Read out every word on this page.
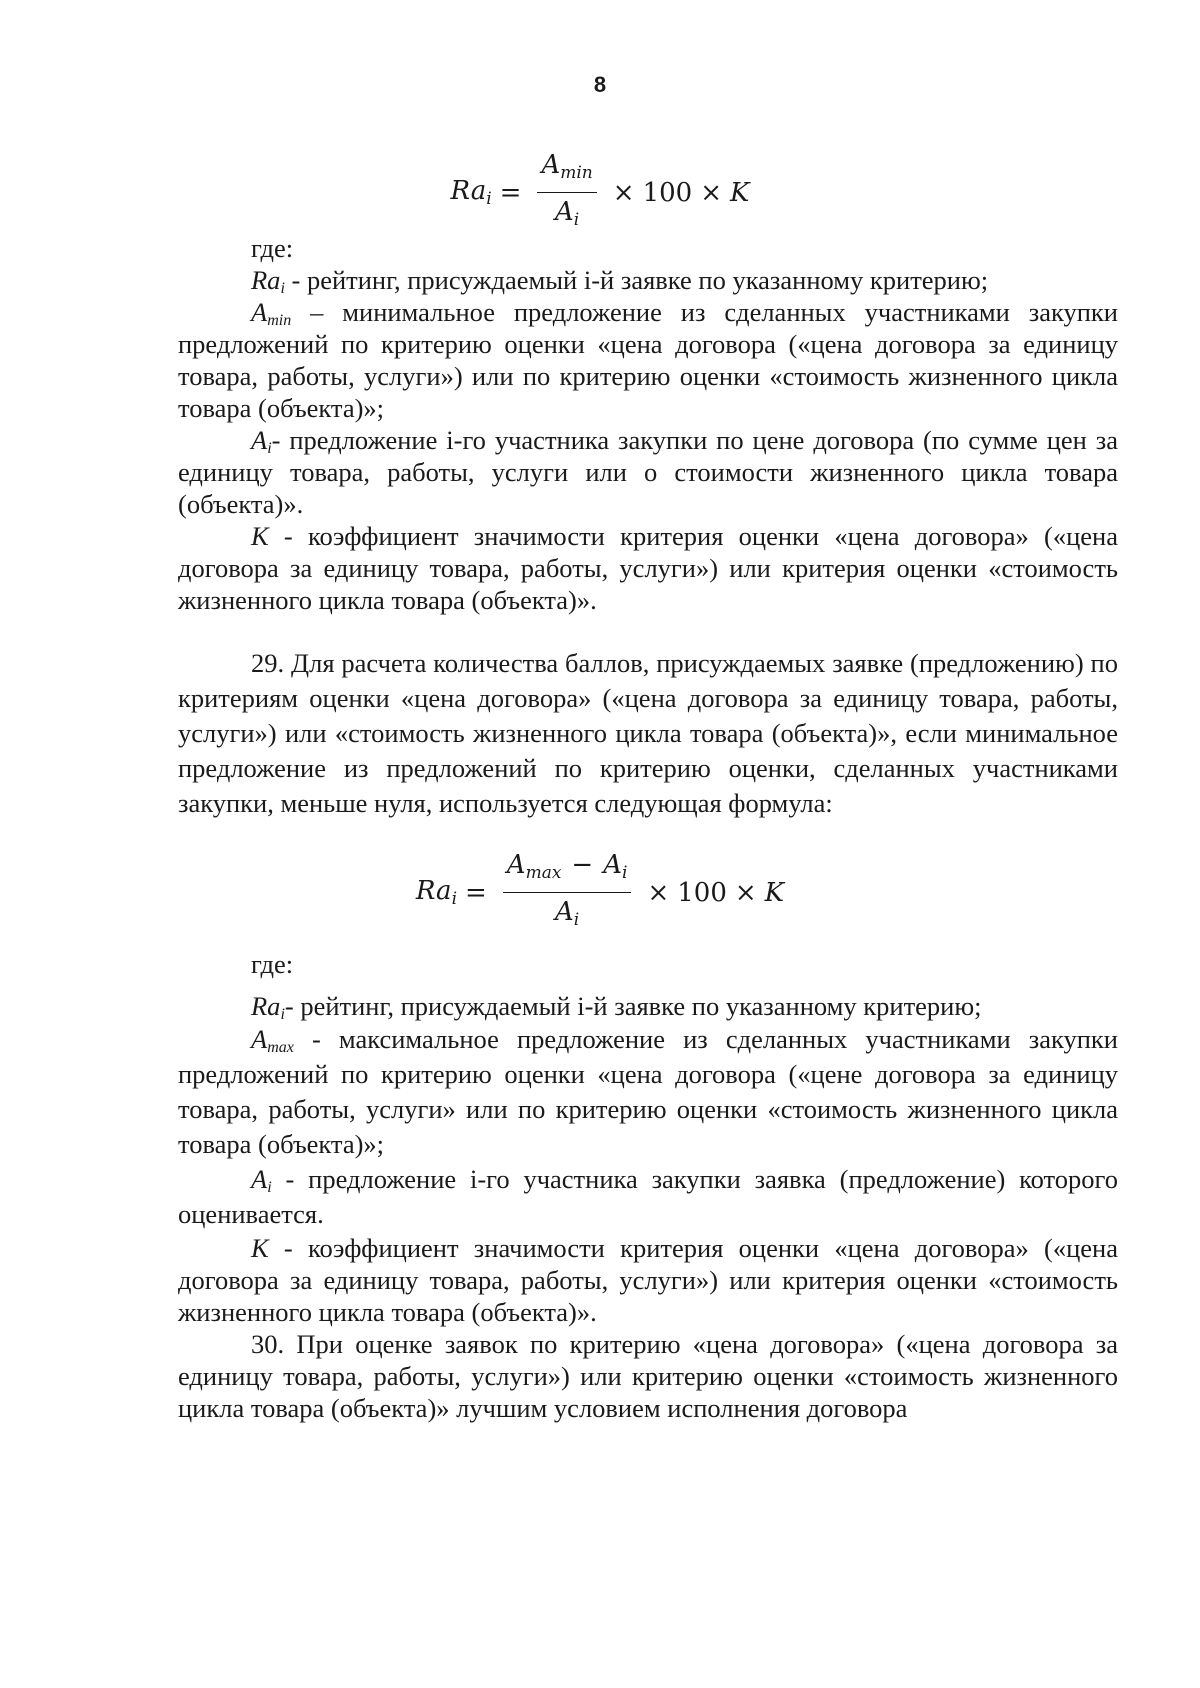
8
Rai = $\frac{Amin}{Ai} \times 100 \times K$

где:

$Ra_i$ - рейтинг, присуждаемый i-й заявке по указанному критерию;

$A_{min}$ – минимальное предложение из сделанных участниками закупки предложений по критерию оценки «цена договора («цена договора за единицу товара, работы, услуги») или по критерию оценки «стоимость жизненного цикла товара (объекта)»;

$A_i-$ предложение i-го участника закупки по цене договора (по сумме цен за единицу товара, работы, услуги или о стоимости жизненного цикла товара (объекта)».

К - коэффициент значимости критерия оценки «цена договора» («цена договора за единицу товара, работы, услуги») или критерия оценки «стоимость жизненного цикла товара (объекта)».

29. Для расчета количества баллов, присуждаемых заявке (предложению) по критериям оценки «цена договора» («цена договора за единицу товара, работы, услуги») или «стоимость жизненного цикла товара (объекта)», если минимальное предложение из предложений по критерию оценки, сделанных участниками закупки, меньше нуля, используется следующая формула:

Rai = $\frac{Amax - Ai}{Ai} \times 100 \times K$

где:

$Ra_i-$ рейтинг, присуждаемый i-й заявке по указанному критерию;

$A_{max}$ - максимальное предложение из сделанных участниками закупки предложений по критерию оценки «цена договора («цене договора за единицу товара, работы, услуги» или по критерию оценки «стоимость жизненного цикла товара (объекта)»;

$A_i$ - предложение i-го участника закупки заявка (предложение) которого оценивается.

К - коэффициент значимости критерия оценки «цена договора» («цена договора за единицу товара, работы, услуги») или критерия оценки «стоимость жизненного цикла товара (объекта)».

30. При оценке заявок по критерию «цена договора» («цена договора за единицу товара, работы, услуги») или критерию оценки «стоимость жизненного цикла товара (объекта)» лучшим условием исполнения договора
